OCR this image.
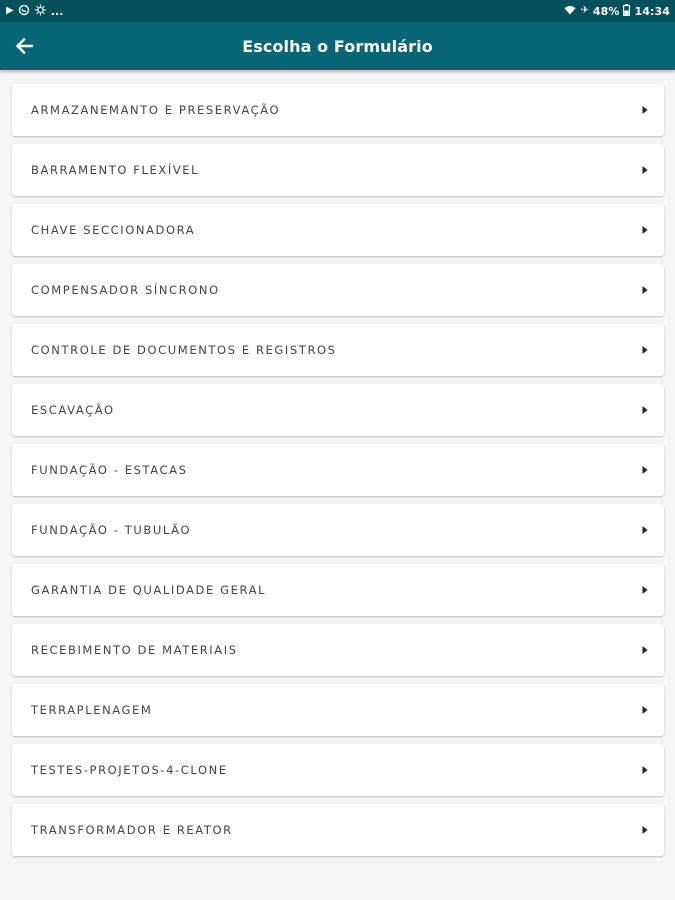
▶	...	✈ 48% 14:34
Escolha o Formulário
ARMAZANEMANTO E PRESERVAÇÃO
BARRAMENTO FLEXÍVEL
CHAVE SECCIONADORA
COMPENSADOR SÍNCRONO
CONTROLE DE DOCUMENTOS E REGISTROS
ESCAVAÇÃO
FUNDAÇÃO - ESTACAS
FUNDAÇÃO - TUBULÃO
GARANTIA DE QUALIDADE GERAL
RECEBIMENTO DE MATERIAIS
TERRAPLENAGEM
TESTES-PROJETOS-4-CLONE
TRANSFORMADOR E REATOR
